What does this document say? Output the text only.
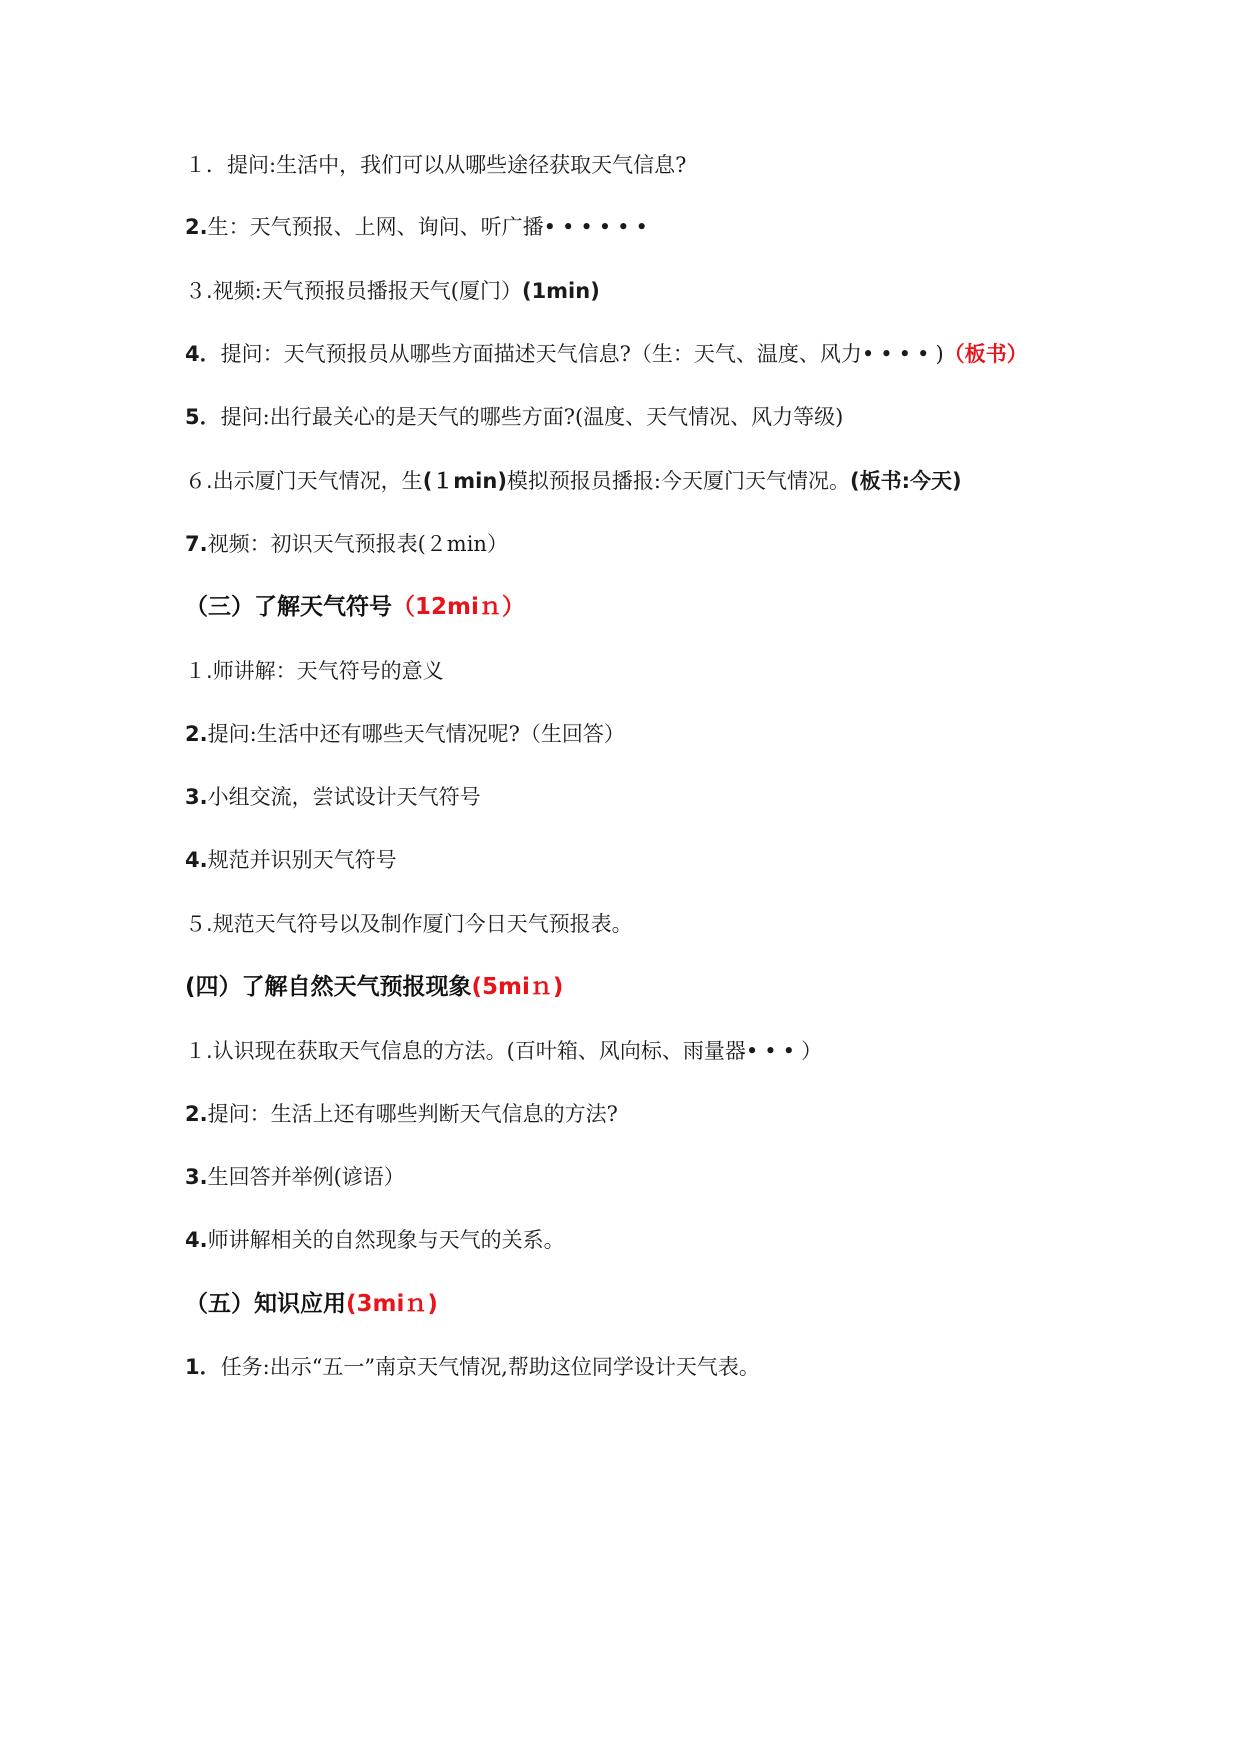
１．提问:生活中，我们可以从哪些途径获取天气信息?
2.生：天气预报、上网、询问、听广播••••••
３.视频:天气预报员播报天气(厦门）(1min)
4．提问：天气预报员从哪些方面描述天气信息?（生：天气、温度、风力••••)（板书）
5．提问:出行最关心的是天气的哪些方面?(温度、天气情况、风力等级)
６.出示厦门天气情况，生(１min)模拟预报员播报:今天厦门天气情况。(板书:今天)
7.视频：初识天气预报表(２min）
（三）了解天气符号（12miｎ）
１.师讲解：天气符号的意义
2.提问:生活中还有哪些天气情况呢?（生回答）
3.小组交流，尝试设计天气符号
4.规范并识别天气符号
５.规范天气符号以及制作厦门今日天气预报表。
(四）了解自然天气预报现象(5miｎ)
１.认识现在获取天气信息的方法。(百叶箱、风向标、雨量器•••）
2.提问：生活上还有哪些判断天气信息的方法?
3.生回答并举例(谚语）
4.师讲解相关的自然现象与天气的关系。
（五）知识应用(3miｎ)
1．任务:出示“五一”南京天气情况,帮助这位同学设计天气表。
